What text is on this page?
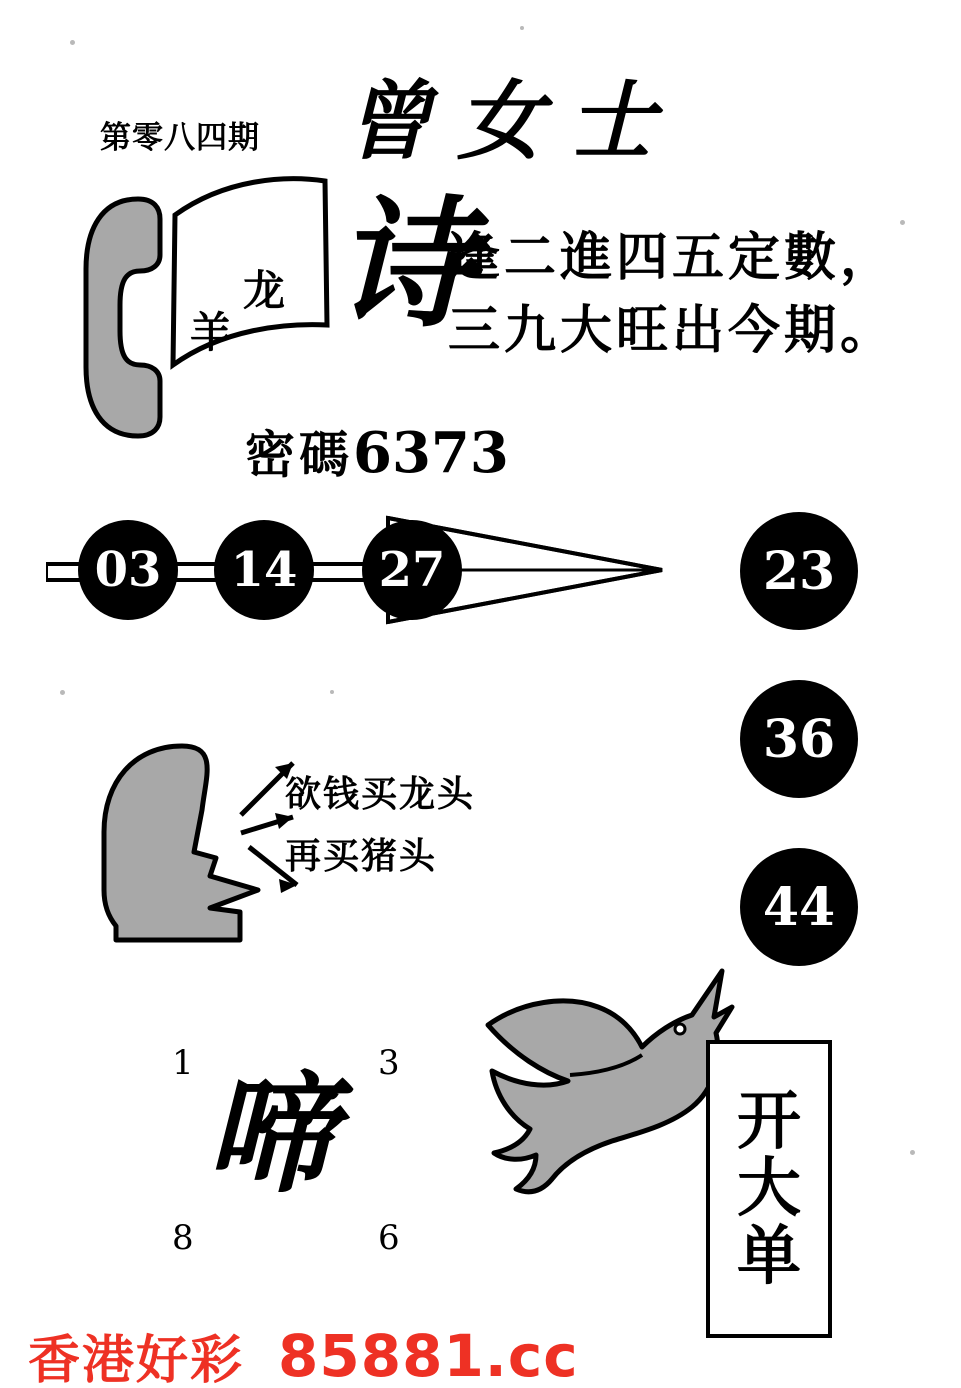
第零八四期 曾女士
龙
羊 诗
逢二進四五定數，
三九大旺出今期。
密碼6373
03	14	27	23
36
44
欲钱买龙头
再买猪头
1	3
8	6
啼	开
大
单
香港好彩 85881.cc
